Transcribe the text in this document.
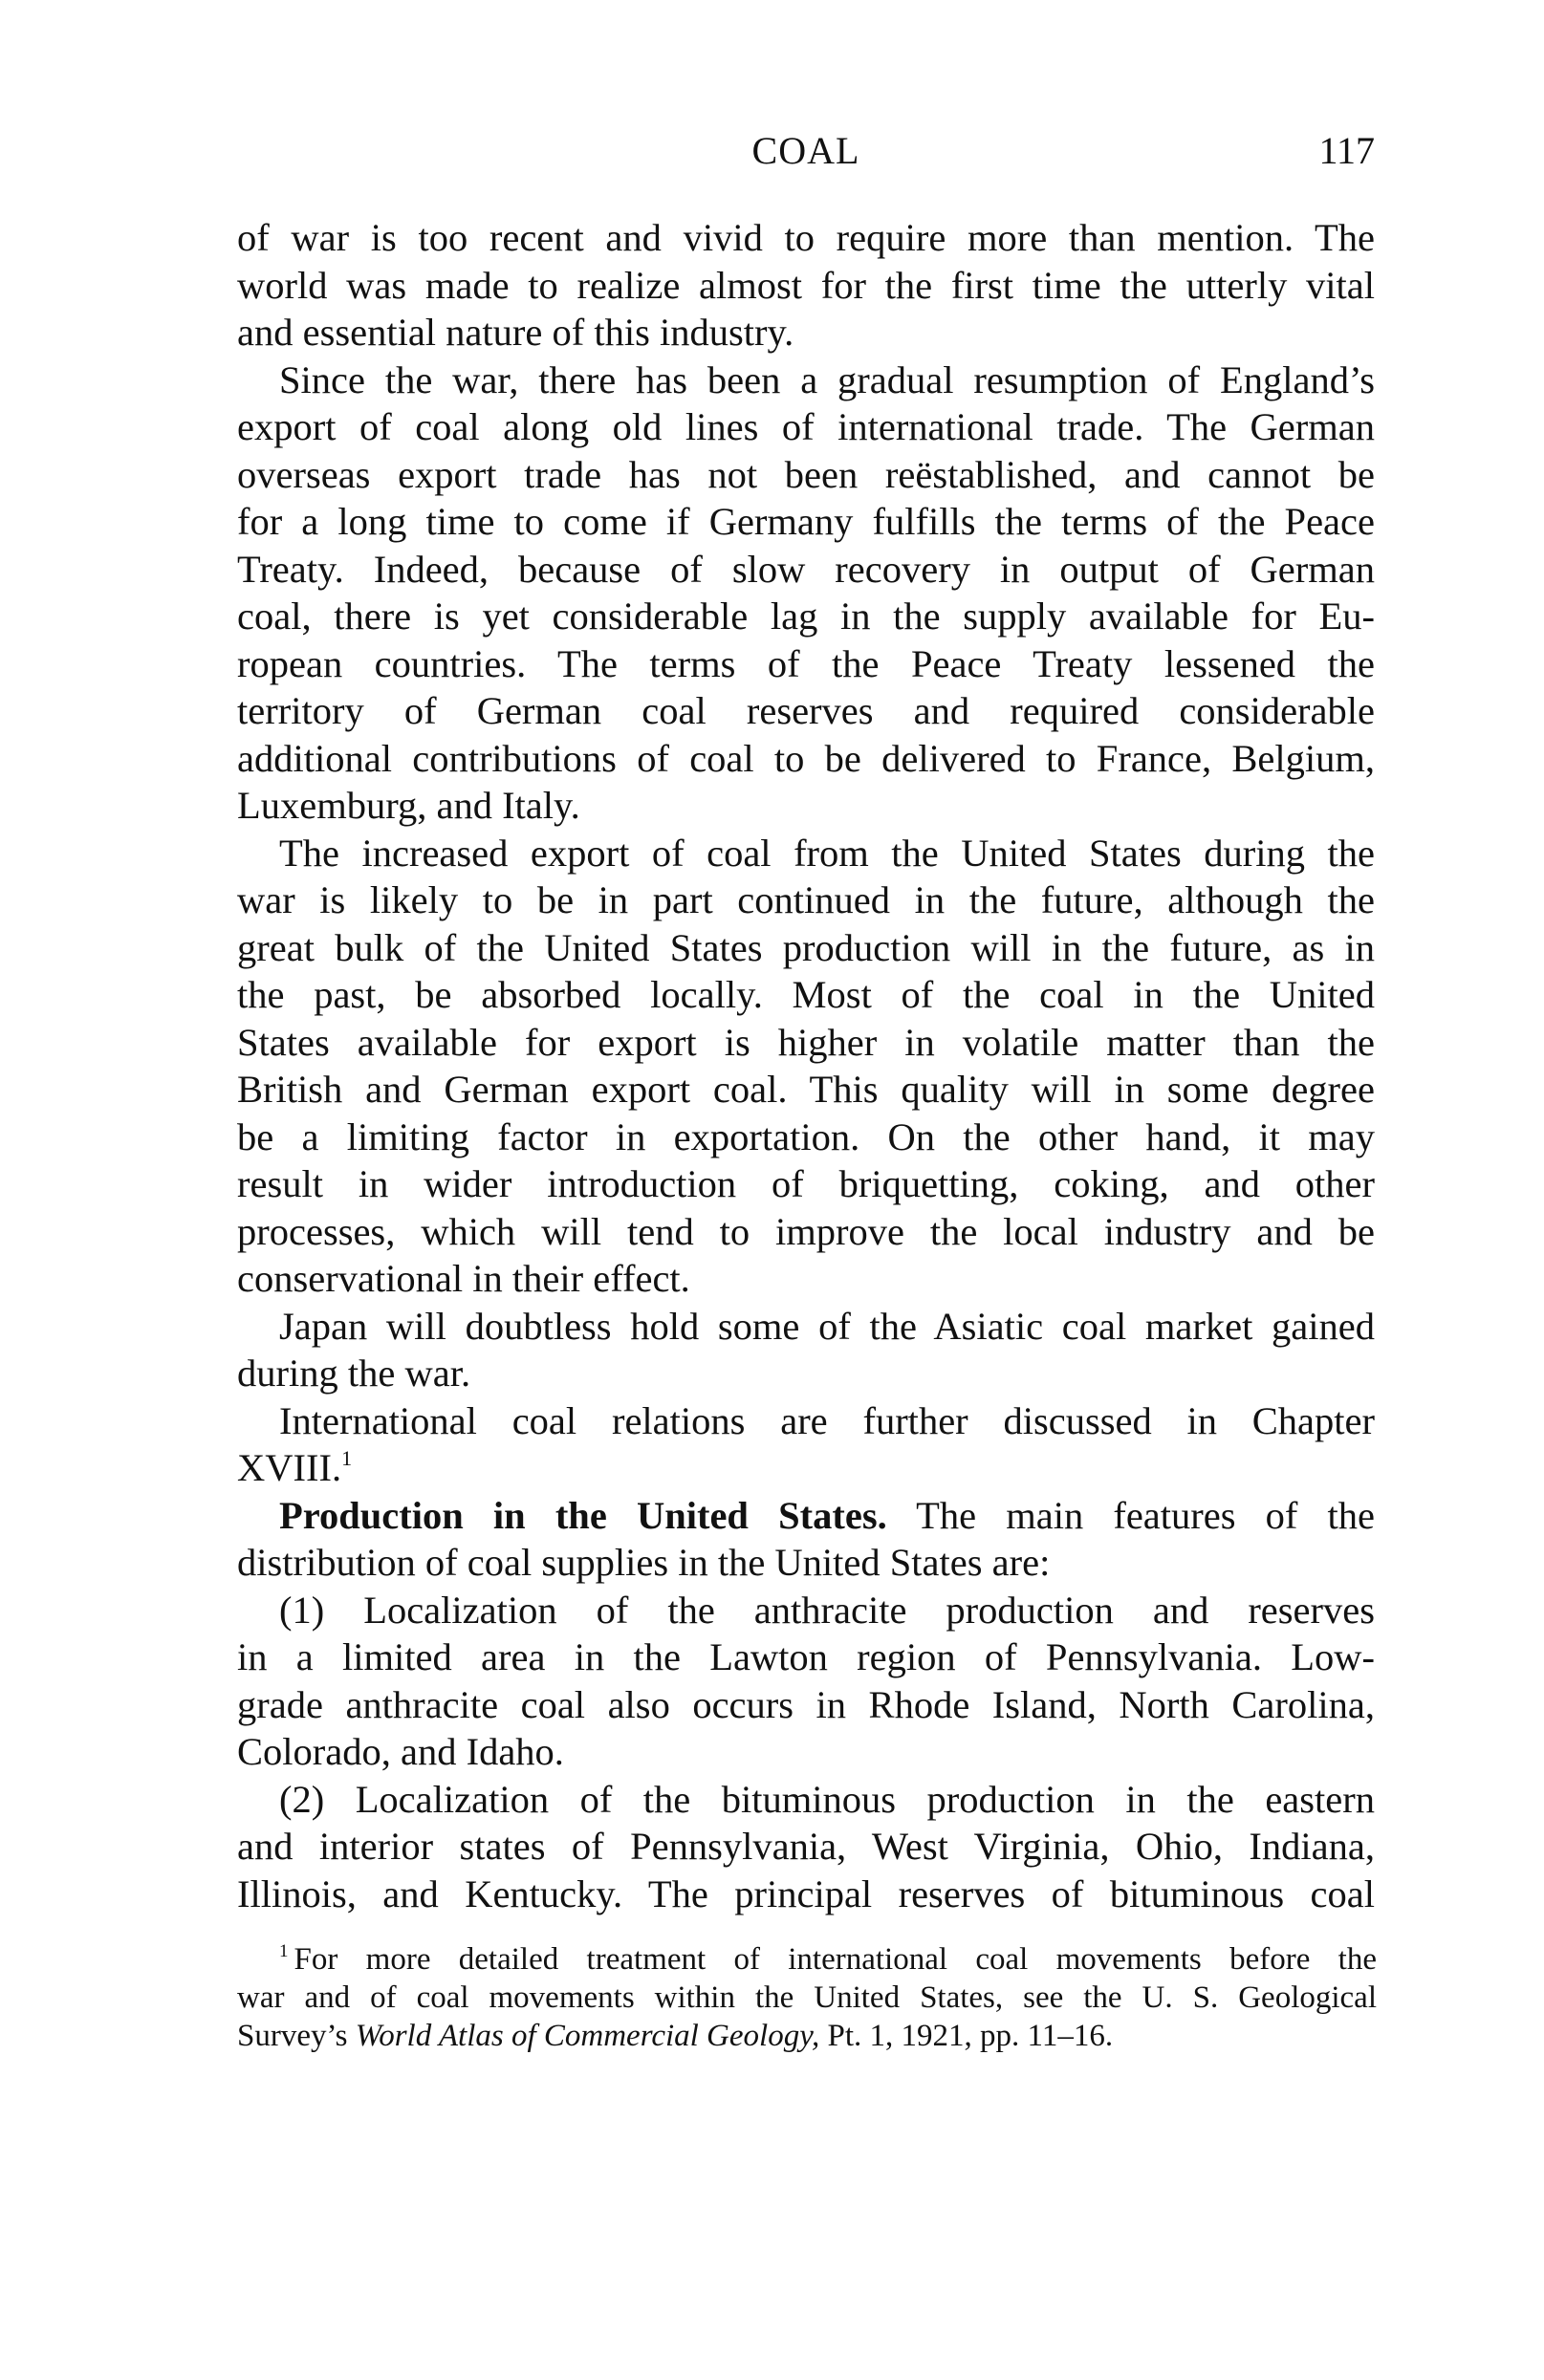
COAL	117
of war is too recent and vivid to require more than mention. The
world was made to realize almost for the first time the utterly vital
and essential nature of this industry.
Since the war, there has been a gradual resumption of England’s
export of coal along old lines of international trade. The German
overseas export trade has not been reëstablished, and cannot be
for a long time to come if Germany fulfills the terms of the Peace
Treaty. Indeed, because of slow recovery in output of German
coal, there is yet considerable lag in the supply available for Eu-
ropean countries. The terms of the Peace Treaty lessened the
territory of German coal reserves and required considerable
additional contributions of coal to be delivered to France, Belgium,
Luxemburg, and Italy.
The increased export of coal from the United States during the
war is likely to be in part continued in the future, although the
great bulk of the United States production will in the future, as in
the past, be absorbed locally. Most of the coal in the United
States available for export is higher in volatile matter than the
British and German export coal. This quality will in some degree
be a limiting factor in exportation. On the other hand, it may
result in wider introduction of briquetting, coking, and other
processes, which will tend to improve the local industry and be
conservational in their effect.
Japan will doubtless hold some of the Asiatic coal market gained
during the war.
International coal relations are further discussed in Chapter
XVIII.$^1$
Production in the United States. The main features of the
distribution of coal supplies in the United States are:
(1) Localization of the anthracite production and reserves
in a limited area in the Lawton region of Pennsylvania. Low-
grade anthracite coal also occurs in Rhode Island, North Carolina,
Colorado, and Idaho.
(2) Localization of the bituminous production in the eastern
and interior states of Pennsylvania, West Virginia, Ohio, Indiana,
Illinois, and Kentucky. The principal reserves of bituminous coal
$^1$ For more detailed treatment of international coal movements before the
war and of coal movements within the United States, see the U. S. Geological
Survey’s World Atlas of Commercial Geology, Pt. 1, 1921, pp. 11–16.
